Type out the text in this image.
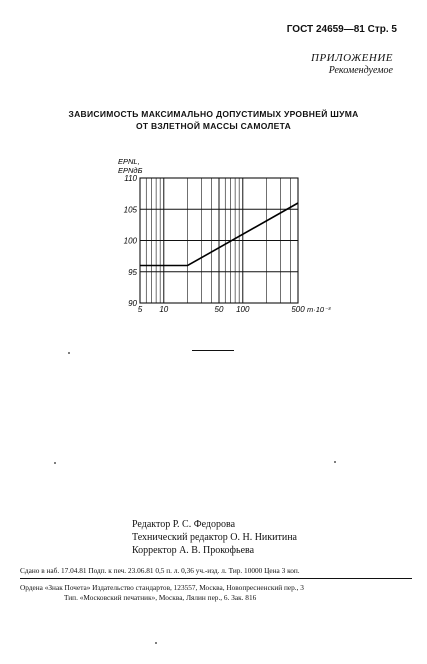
ГОСТ 24659—81 Стр. 5
ПРИЛОЖЕНИЕ
Рекомендуемое
ЗАВИСИМОСТЬ МАКСИМАЛЬНО ДОПУСТИМЫХ УРОВНЕЙ ШУМА
ОТ ВЗЛЕТНОЙ МАССЫ САМОЛЕТА
110
105
100
95
90
5 10	50 100	500
EPNL,
EPNдБ
m·10⁻³
Редактор Р. С. Федорова
Технический редактор О. Н. Никитина
Корректор А. В. Прокофьева
Сдано в наб. 17.04.81 Подп. к печ. 23.06.81 0,5 п. л. 0,36 уч.-изд. л. Тир. 10000 Цена 3 коп.
Ордена «Знак Почета» Издательство стандартов, 123557, Москва, Новопресненский пер., 3
Тип. «Московский печатник», Москва, Лялин пер., 6. Зак. 816
